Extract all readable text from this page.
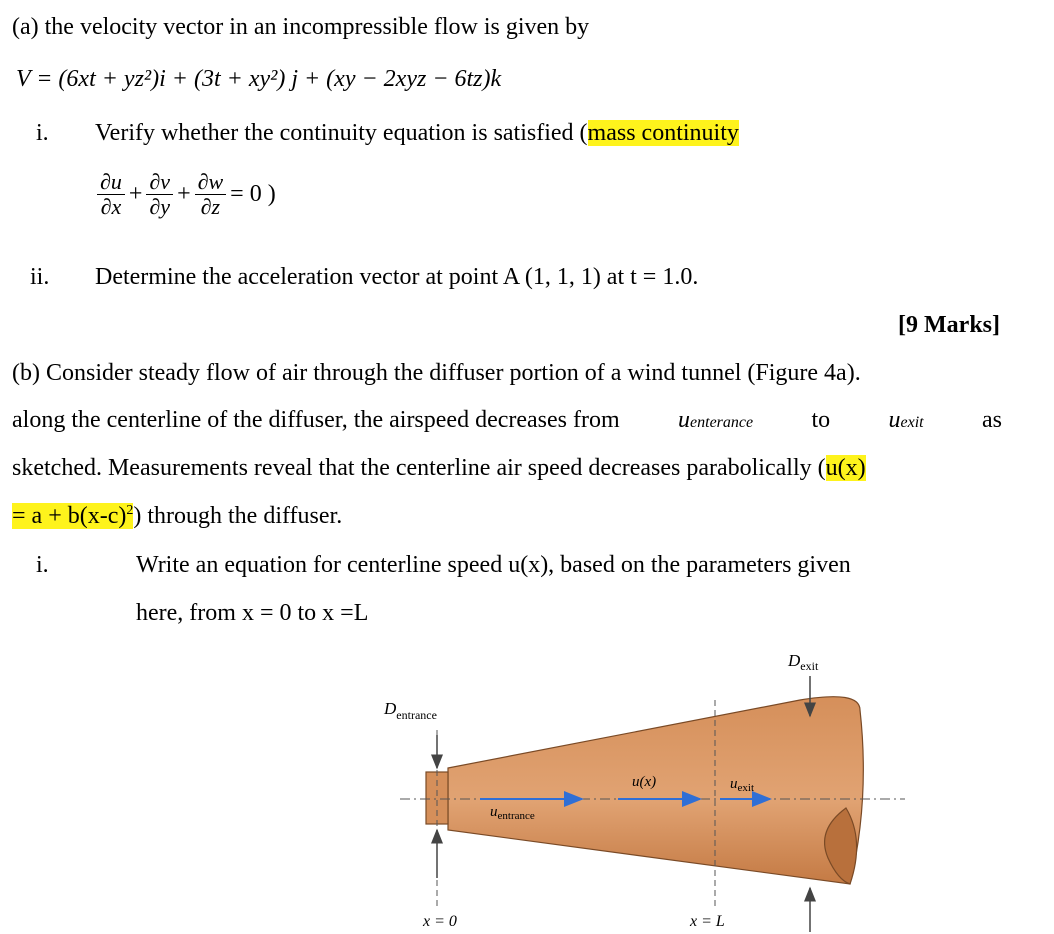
(a) the velocity vector in an incompressible flow is given by
V = (6xt + yz²)i + (3t + xy²) j + (xy − 2xyz − 6tz)k
i. Verify whether the continuity equation is satisfied (mass continuity
$\frac{\partial u}{\partial x} + \frac{\partial v}{\partial y} + \frac{\partial w}{\partial z} = 0$ )
ii. Determine the acceleration vector at point A (1, 1, 1) at t = 1.0.
[9 Marks]
(b) Consider steady flow of air through the diffuser portion of a wind tunnel (Figure 4a).
along the centerline of the diffuser, the airspeed decreases from uenterance to uexit as
sketched. Measurements reveal that the centerline air speed decreases parabolically (u(x)
= $a + b(x-c)^2$) through the diffuser.
i.	Write an equation for centerline speed u(x), based on the parameters given
here, from x = 0 to x =L
$D_{exit}$
$D_{entrance}$
u(x)	$u_{exit}$
$u_{entrance}$
x = 0	x = L
